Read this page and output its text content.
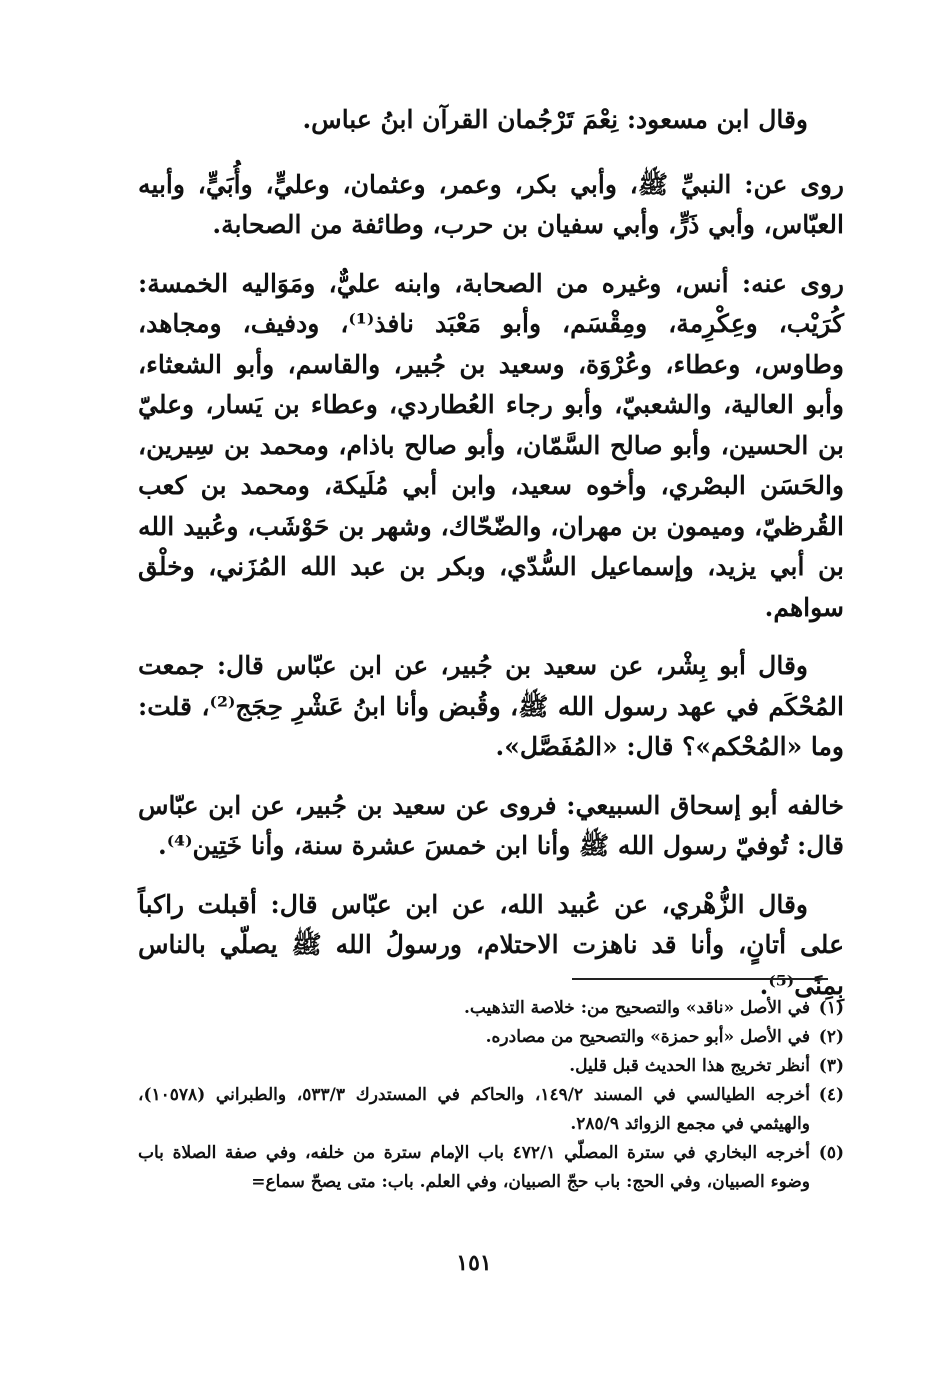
وقال ابن مسعود: نِعْمَ تَرْجُمان القرآن ابنُ عباس.

روى عن: النبيِّ ﷺ، وأبي بكر، وعمر، وعثمان، وعليٍّ، وأُبَيٍّ، وأبيه العبّاس، وأبي ذَرٍّ، وأبي سفيان بن حرب، وطائفة من الصحابة.

روى عنه: أنس، وغيره من الصحابة، وابنه عليٌّ، ومَوَاليه الخمسة: كُرَيْب، وعِكْرِمة، ومِقْسَم، وأبو مَعْبَد نافذ⁽¹⁾، ودفيف، ومجاهد، وطاوس، وعطاء، وعُرْوَة، وسعيد بن جُبير، والقاسم، وأبو الشعثاء، وأبو العالية، والشعبيّ، وأبو رجاء العُطاردي، وعطاء بن يَسار، وعليّ بن الحسين، وأبو صالح السَّمّان، وأبو صالح باذام، ومحمد بن سِيرين، والحَسَن البصْري، وأخوه سعيد، وابن أبي مُلَيكة، ومحمد بن كعب القُرظيّ، وميمون بن مهران، والضّحّاك، وشهر بن حَوْشَب، وعُبيد الله بن أبي يزيد، وإسماعيل السُّدّي، وبكر بن عبد الله المُزَني، وخلْق سواهم.

وقال أبو بِشْر، عن سعيد بن جُبير، عن ابن عبّاس قال: جمعت المُحْكَم في عهد رسول الله ﷺ، وقُبض وأنا ابنُ عَشْرِ حِجَج⁽²⁾، قلت: وما «المُحْكم»؟ قال: «المُفَصَّل».

خالفه أبو إسحاق السبيعي: فروى عن سعيد بن جُبير، عن ابن عبّاس قال: تُوفيّ رسول الله ﷺ وأنا ابن خمسَ عشرة سنة، وأنا خَتِين⁽⁴⁾.

وقال الزُّهْري، عن عُبيد الله، عن ابن عبّاس قال: أقبلت راكباً على أتانٍ، وأنا قد ناهزت الاحتلام، ورسولُ الله ﷺ يصلّي بالناس بِمِنًى⁽⁵⁾.

(١)
في الأصل «ناقد» والتصحيح من: خلاصة التذهيب.
(٢)
في الأصل «أبو حمزة» والتصحيح من مصادره.
(٣)
أنظر تخريج هذا الحديث قبل قليل.
(٤)
أخرجه الطيالسي في المسند ١٤٩/٢، والحاكم في المستدرك ٥٣٣/٣، والطبراني (١٠٥٧٨)، والهيثمي في مجمع الزوائد ٢٨٥/٩.
(٥)
أخرجه البخاري في سترة المصلّي ٤٧٢/١ باب الإمام سترة من خلفه، وفي صفة الصلاة باب وضوء الصبيان، وفي الحج: باب حجّ الصبيان، وفي العلم. باب: متى يصحّ سماع=
١٥١
